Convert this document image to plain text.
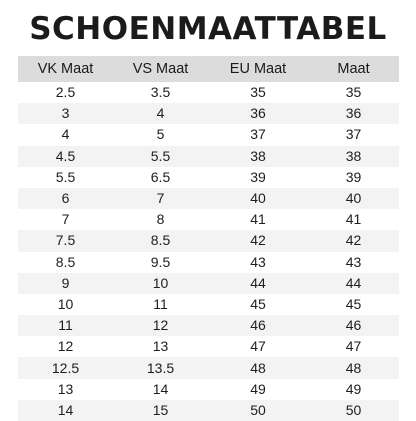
SCHOENMAATTABEL
VK Maat	VS Maat	EU Maat	Maat
2.5	3.5	35	35
3	4	36	36
4	5	37	37
4.5	5.5	38	38
5.5	6.5	39	39
6	7	40	40
7	8	41	41
7.5	8.5	42	42
8.5	9.5	43	43
9	10	44	44
10	11	45	45
11	12	46	46
12	13	47	47
12.5	13.5	48	48
13	14	49	49
14	15	50	50
